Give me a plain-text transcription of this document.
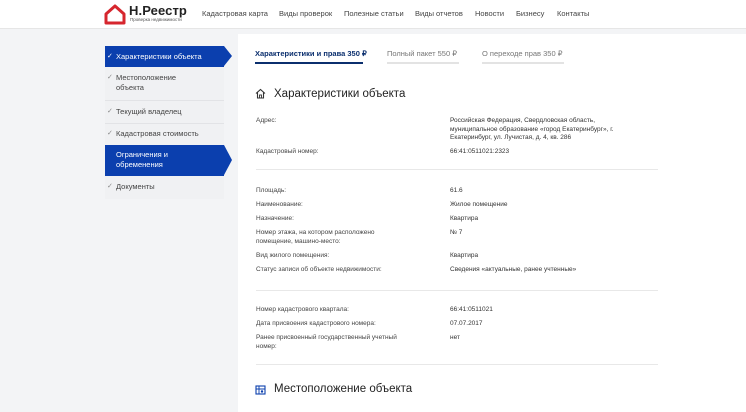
Н.Реестр
Проверка недвижимости
Кадастровая карта Виды проверок Полезные статьи Виды отчетов Новости Бизнесу Контакты
✓ Характеристики объекта
✓ Местоположение объекта
✓ Текущий владелец
✓ Кадастровая стоимость
Ограничения и обременения
✓ Документы
Характеристики и права 350 ₽	Полный пакет 550 ₽	О переходе прав 350 ₽
Характеристики объекта
Адрес:	Российская Федерация, Свердловская область, муниципальное образование «город Екатеринбург», г. Екатеринбург, ул. Лучистая, д. 4, кв. 286
Кадастровый номер:	66:41:0511021:2323
Площадь:	61.6
Наименование:	Жилое помещение
Назначение:	Квартира
Номер этажа, на котором расположено помещение, машино-место:
№ 7
Вид жилого помещения:	Квартира
Статус записи об объекте недвижимости:	Сведения «актуальные, ранее учтенные»
Номер кадастрового квартала:	66:41:0511021
Дата присвоения кадастрового номера:	07.07.2017
Ранее присвоенный государственный учетный номер:
нет
Местоположение объекта
